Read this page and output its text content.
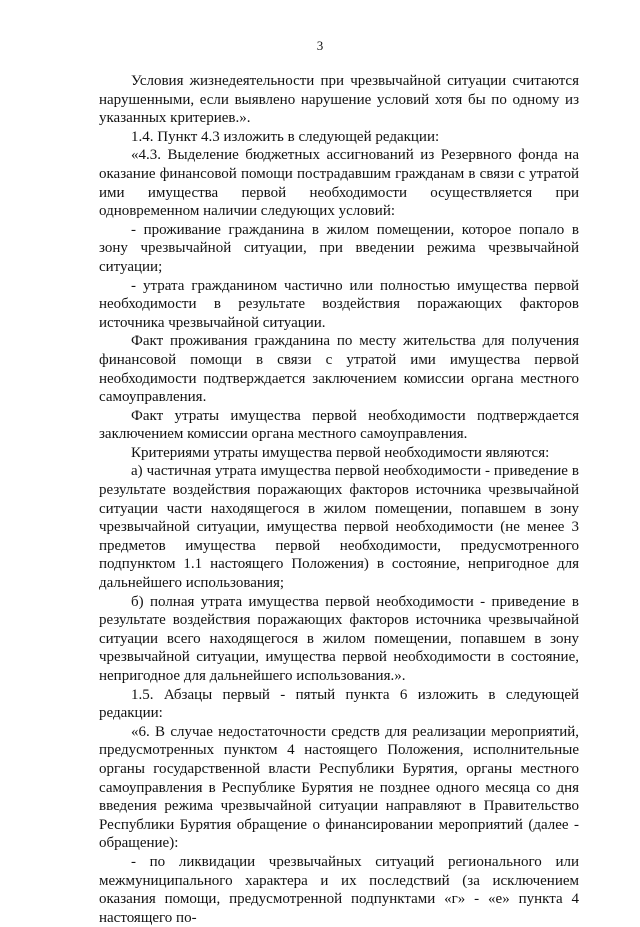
3

Условия жизнедеятельности при чрезвычайной ситуации считаются нарушенными, если выявлено нарушение условий хотя бы по одному из указанных критериев.».

1.4. Пункт 4.3 изложить в следующей редакции:

«4.3. Выделение бюджетных ассигнований из Резервного фонда на оказание финансовой помощи пострадавшим гражданам в связи с утратой ими имущества первой необходимости осуществляется при одновременном наличии следующих условий:

- проживание гражданина в жилом помещении, которое попало в зону чрезвычайной ситуации, при введении режима чрезвычайной ситуации;

- утрата гражданином частично или полностью имущества первой необходимости в результате воздействия поражающих факторов источника чрезвычайной ситуации.

Факт проживания гражданина по месту жительства для получения финансовой помощи в связи с утратой ими имущества первой необходимости подтверждается заключением комиссии органа местного самоуправления.

Факт утраты имущества первой необходимости подтверждается заключением комиссии органа местного самоуправления.

Критериями утраты имущества первой необходимости являются:

а) частичная утрата имущества первой необходимости - приведение в результате воздействия поражающих факторов источника чрезвычайной ситуации части находящегося в жилом помещении, попавшем в зону чрезвычайной ситуации, имущества первой необходимости (не менее 3 предметов имущества первой необходимости, предусмотренного подпунктом 1.1 настоящего Положения) в состояние, непригодное для дальнейшего использования;

б) полная утрата имущества первой необходимости - приведение в результате воздействия поражающих факторов источника чрезвычайной ситуации всего находящегося в жилом помещении, попавшем в зону чрезвычайной ситуации, имущества первой необходимости в состояние, непригодное для дальнейшего использования.».

1.5. Абзацы первый - пятый пункта 6 изложить в следующей редакции:

«6. В случае недостаточности средств для реализации мероприятий, предусмотренных пунктом 4 настоящего Положения, исполнительные органы государственной власти Республики Бурятия, органы местного самоуправления в Республике Бурятия не позднее одного месяца со дня введения режима чрезвычайной ситуации направляют в Правительство Республики Бурятия обращение о финансировании мероприятий (далее - обращение):

- по ликвидации чрезвычайных ситуаций регионального или межмуниципального характера и их последствий (за исключением оказания помощи, предусмотренной подпунктами «г» - «е» пункта 4 настоящего по-
